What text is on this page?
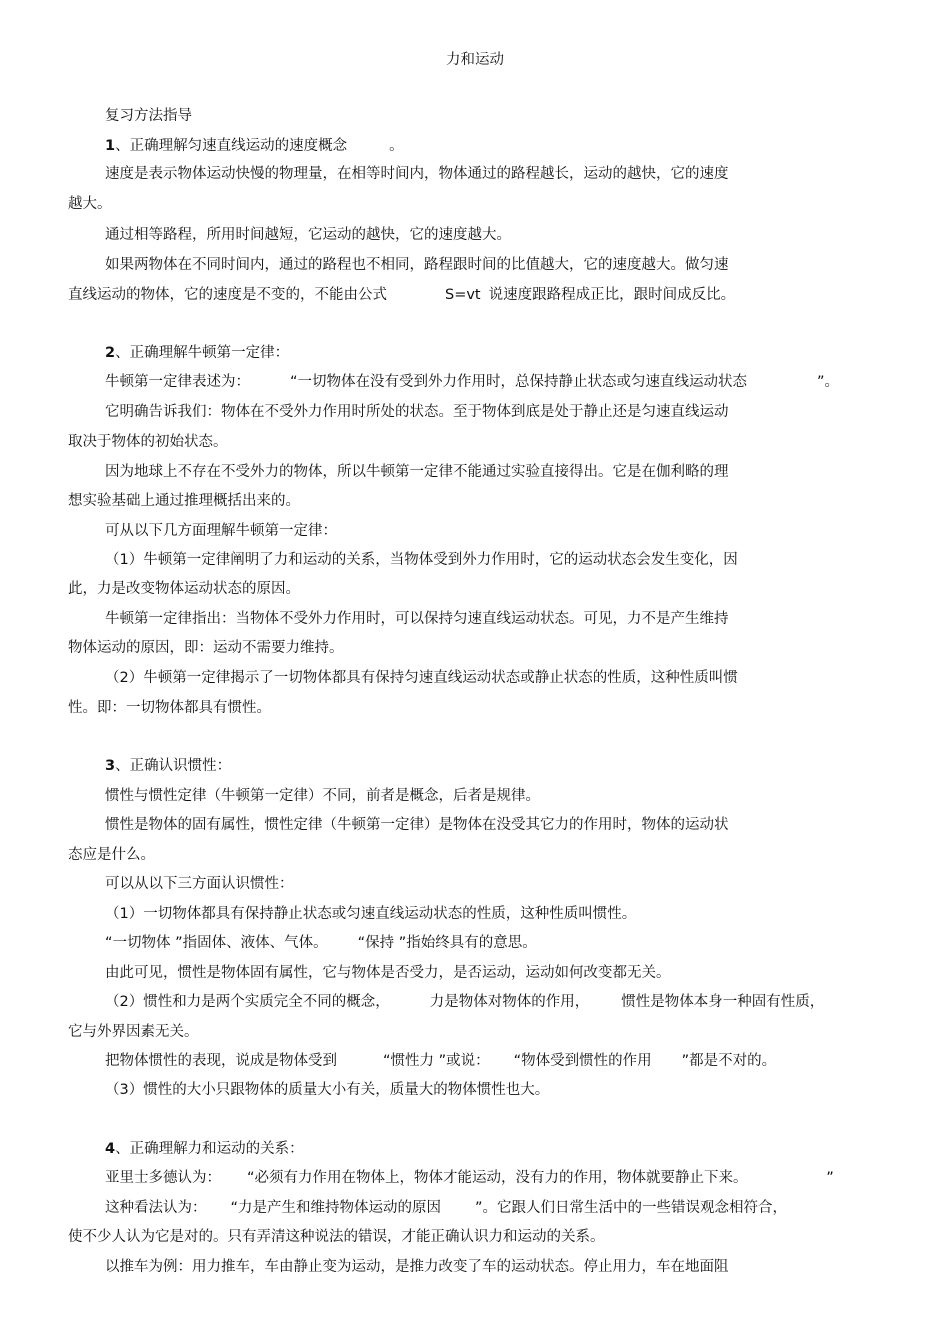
力和运动
复习方法指导
1、正确理解匀速直线运动的速度概念	。
速度是表示物体运动快慢的物理量，在相等时间内，物体通过的路程越长，运动的越快，它的速度
越大。
通过相等路程，所用时间越短，它运动的越快，它的速度越大。
如果两物体在不同时间内，通过的路程也不相同，路程跟时间的比值越大，它的速度越大。做匀速
直线运动的物体，它的速度是不变的，不能由公式	S=vt 说速度跟路程成正比，跟时间成反比。
2、正确理解牛顿第一定律：
牛顿第一定律表述为：	“一切物体在没有受到外力作用时，总保持静止状态或匀速直线运动状态	”。
它明确告诉我们：物体在不受外力作用时所处的状态。至于物体到底是处于静止还是匀速直线运动
取决于物体的初始状态。
因为地球上不存在不受外力的物体，所以牛顿第一定律不能通过实验直接得出。它是在伽利略的理
想实验基础上通过推理概括出来的。
可从以下几方面理解牛顿第一定律：
（1）牛顿第一定律阐明了力和运动的关系，当物体受到外力作用时，它的运动状态会发生变化，因
此，力是改变物体运动状态的原因。
牛顿第一定律指出：当物体不受外力作用时，可以保持匀速直线运动状态。可见，力不是产生维持
物体运动的原因，即：运动不需要力维持。
（2）牛顿第一定律揭示了一切物体都具有保持匀速直线运动状态或静止状态的性质，这种性质叫惯
性。即：一切物体都具有惯性。
3、正确认识惯性：
惯性与惯性定律（牛顿第一定律）不同，前者是概念，后者是规律。
惯性是物体的固有属性，惯性定律（牛顿第一定律）是物体在没受其它力的作用时，物体的运动状
态应是什么。
可以从以下三方面认识惯性：
（1）一切物体都具有保持静止状态或匀速直线运动状态的性质，这种性质叫惯性。
“一切物体 ”指固体、液体、气体。 “保持 ”指始终具有的意思。
由此可见，惯性是物体固有属性，它与物体是否受力，是否运动，运动如何改变都无关。
（2）惯性和力是两个实质完全不同的概念，	力是物体对物体的作用， 惯性是物体本身一种固有性质，
它与外界因素无关。
把物体惯性的表现，说成是物体受到	“惯性力 ”或说： “物体受到惯性的作用 ”都是不对的。
（3）惯性的大小只跟物体的质量大小有关，质量大的物体惯性也大。
4、正确理解力和运动的关系：
亚里士多德认为： “必须有力作用在物体上，物体才能运动，没有力的作用，物体就要静止下来。	”
这种看法认为： “力是产生和维持物体运动的原因 ”。它跟人们日常生活中的一些错误观念相符合，
使不少人认为它是对的。只有弄清这种说法的错误，才能正确认识力和运动的关系。
以推车为例：用力推车，车由静止变为运动，是推力改变了车的运动状态。停止用力，车在地面阻
